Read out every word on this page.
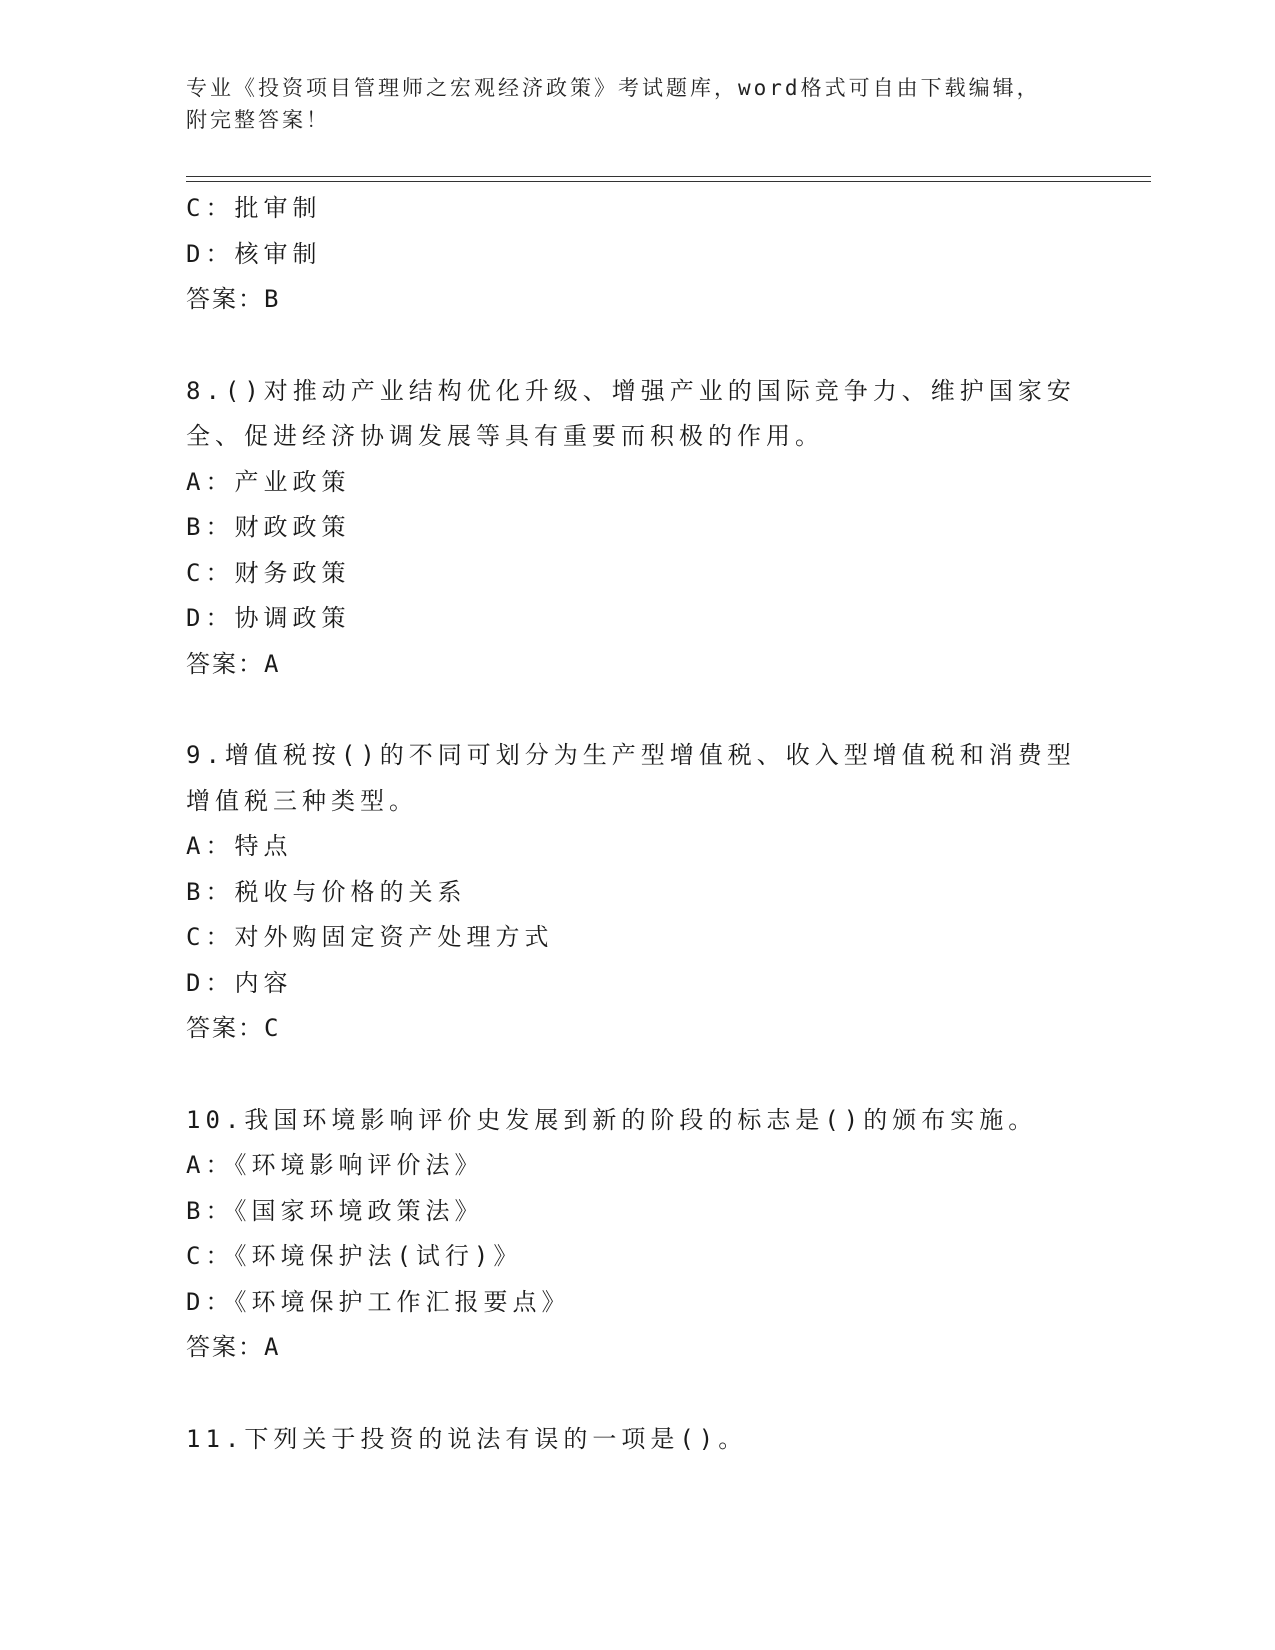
专业《投资项目管理师之宏观经济政策》考试题库，word格式可自由下载编辑，
附完整答案！
C：批审制
D：核审制
答案：B
8.()对推动产业结构优化升级、增强产业的国际竞争力、维护国家安
全、促进经济协调发展等具有重要而积极的作用。
A：产业政策
B：财政政策
C：财务政策
D：协调政策
答案：A
9.增值税按()的不同可划分为生产型增值税、收入型增值税和消费型
增值税三种类型。
A：特点
B：税收与价格的关系
C：对外购固定资产处理方式
D：内容
答案：C
10.我国环境影响评价史发展到新的阶段的标志是()的颁布实施。
A：《环境影响评价法》
B：《国家环境政策法》
C：《环境保护法(试行)》
D：《环境保护工作汇报要点》
答案：A
11.下列关于投资的说法有误的一项是()。
